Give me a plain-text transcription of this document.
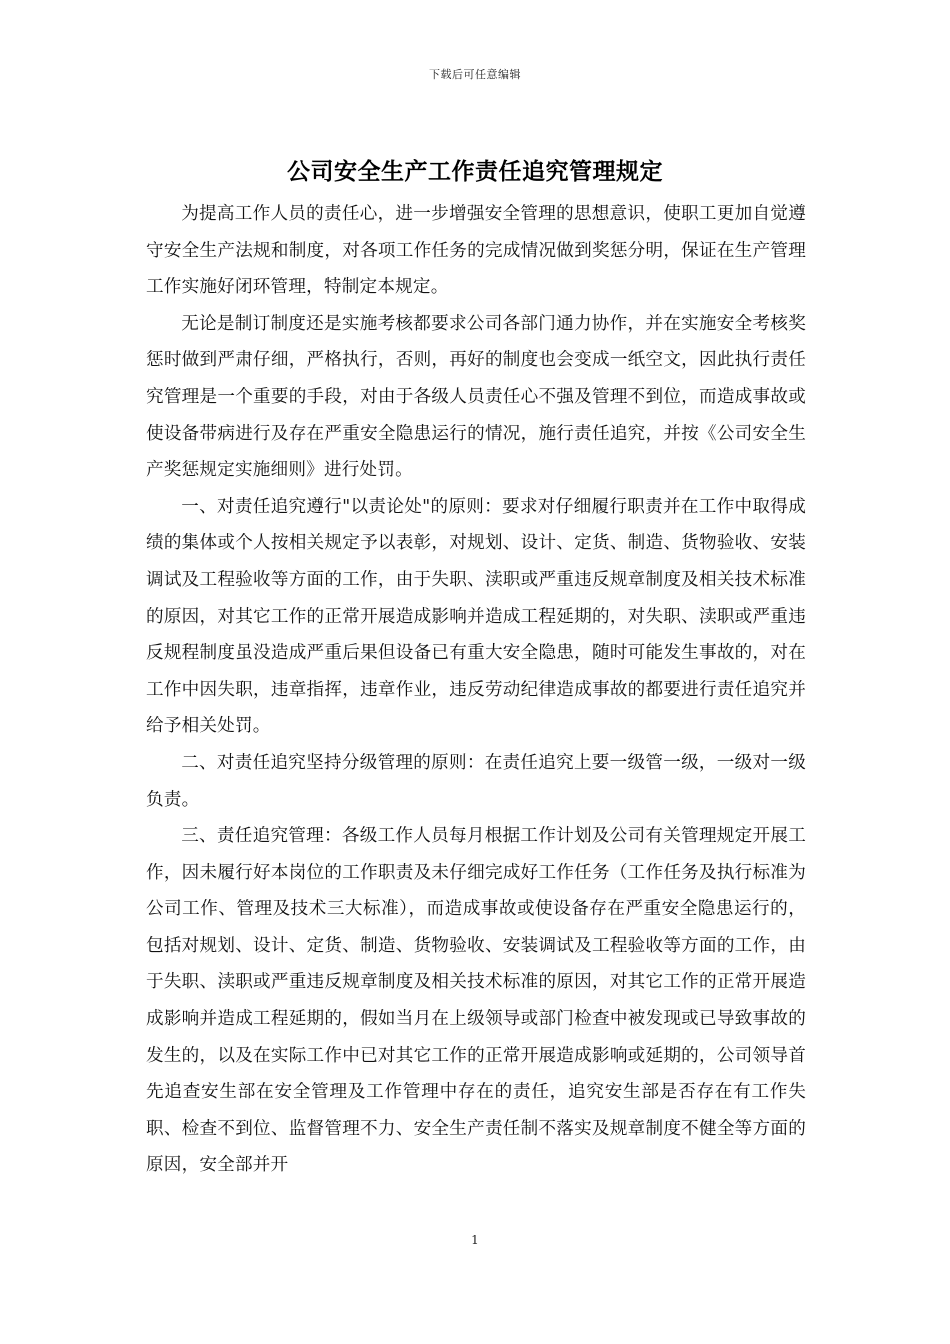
下载后可任意编辑
公司安全生产工作责任追究管理规定

为提高工作人员的责任心，进一步增强安全管理的思想意识，使职工更加自觉遵守安全生产法规和制度，对各项工作任务的完成情况做到奖惩分明，保证在生产管理工作实施好闭环管理，特制定本规定。

无论是制订制度还是实施考核都要求公司各部门通力协作，并在实施安全考核奖惩时做到严肃仔细，严格执行，否则，再好的制度也会变成一纸空文，因此执行责任究管理是一个重要的手段，对由于各级人员责任心不强及管理不到位，而造成事故或使设备带病进行及存在严重安全隐患运行的情况，施行责任追究，并按《公司安全生产奖惩规定实施细则》进行处罚。

一、对责任追究遵行"以责论处"的原则：要求对仔细履行职责并在工作中取得成绩的集体或个人按相关规定予以表彰，对规划、设计、定货、制造、货物验收、安装调试及工程验收等方面的工作，由于失职、渎职或严重违反规章制度及相关技术标准的原因，对其它工作的正常开展造成影响并造成工程延期的，对失职、渎职或严重违反规程制度虽没造成严重后果但设备已有重大安全隐患，随时可能发生事故的，对在工作中因失职，违章指挥，违章作业，违反劳动纪律造成事故的都要进行责任追究并给予相关处罚。

二、对责任追究坚持分级管理的原则：在责任追究上要一级管一级，一级对一级负责。

三、责任追究管理：各级工作人员每月根据工作计划及公司有关管理规定开展工作，因未履行好本岗位的工作职责及未仔细完成好工作任务（工作任务及执行标准为公司工作、管理及技术三大标准），而造成事故或使设备存在严重安全隐患运行的，包括对规划、设计、定货、制造、货物验收、安装调试及工程验收等方面的工作，由于失职、渎职或严重违反规章制度及相关技术标准的原因，对其它工作的正常开展造成影响并造成工程延期的，假如当月在上级领导或部门检查中被发现或已导致事故的发生的，以及在实际工作中已对其它工作的正常开展造成影响或延期的，公司领导首先追查安生部在安全管理及工作管理中存在的责任，追究安生部是否存在有工作失职、检查不到位、监督管理不力、安全生产责任制不落实及规章制度不健全等方面的原因，安全部并开

1
